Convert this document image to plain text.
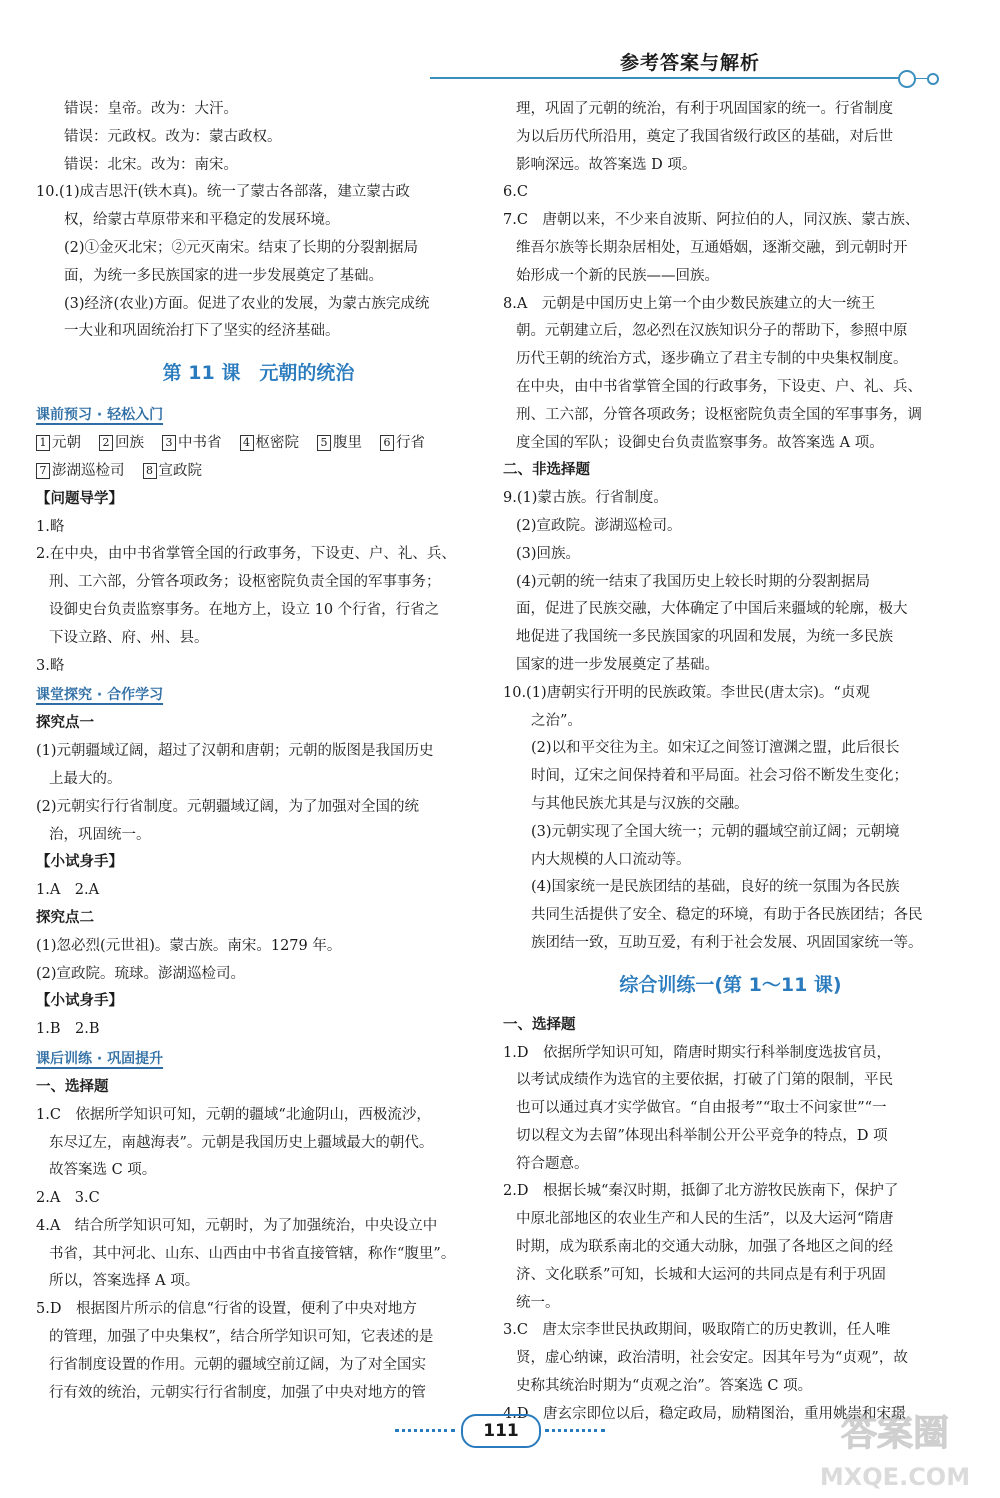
参考答案与解析
错误：皇帝。改为：大汗。
错误：元政权。改为：蒙古政权。
错误：北宋。改为：南宋。
10.(1)成吉思汗(铁木真)。统一了蒙古各部落，建立蒙古政
权，给蒙古草原带来和平稳定的发展环境。
(2)①金灭北宋；②元灭南宋。结束了长期的分裂割据局
面，为统一多民族国家的进一步发展奠定了基础。
(3)经济(农业)方面。促进了农业的发展，为蒙古族完成统
一大业和巩固统治打下了坚实的经济基础。
第 11 课　元朝的统治
课前预习 · 轻松入门
1 元朝 2 回族 3 中书省 4 枢密院 5 腹里 6 行省
7 澎湖巡检司 8 宣政院
【问题导学】
1.略
2.在中央，由中书省掌管全国的行政事务，下设吏、户、礼、兵、
刑、工六部，分管各项政务；设枢密院负责全国的军事事务；
设御史台负责监察事务。在地方上，设立 10 个行省，行省之
下设立路、府、州、县。
3.略
课堂探究 · 合作学习
探究点一
(1)元朝疆域辽阔，超过了汉朝和唐朝；元朝的版图是我国历史
上最大的。
(2)元朝实行行省制度。元朝疆域辽阔，为了加强对全国的统
治，巩固统一。
【小试身手】
1.A　2.A
探究点二
(1)忽必烈(元世祖)。蒙古族。南宋。1279 年。
(2)宣政院。琉球。澎湖巡检司。
【小试身手】
1.B　2.B
课后训练 · 巩固提升
一、选择题
1.C　依据所学知识可知，元朝的疆域“北逾阴山，西极流沙，
东尽辽左，南越海表”。元朝是我国历史上疆域最大的朝代。
故答案选 C 项。
2.A　3.C
4.A　结合所学知识可知，元朝时，为了加强统治，中央设立中
书省，其中河北、山东、山西由中书省直接管辖，称作“腹里”。
所以，答案选择 A 项。
5.D　根据图片所示的信息“行省的设置，便利了中央对地方
的管理，加强了中央集权”，结合所学知识可知，它表述的是
行省制度设置的作用。元朝的疆域空前辽阔，为了对全国实
行有效的统治，元朝实行行省制度，加强了中央对地方的管
理，巩固了元朝的统治，有利于巩固国家的统一。行省制度
为以后历代所沿用，奠定了我国省级行政区的基础，对后世
影响深远。故答案选 D 项。
6.C
7.C　唐朝以来，不少来自波斯、阿拉伯的人，同汉族、蒙古族、
维吾尔族等长期杂居相处，互通婚姻，逐渐交融，到元朝时开
始形成一个新的民族——回族。
8.A　元朝是中国历史上第一个由少数民族建立的大一统王
朝。元朝建立后，忽必烈在汉族知识分子的帮助下，参照中原
历代王朝的统治方式，逐步确立了君主专制的中央集权制度。
在中央，由中书省掌管全国的行政事务，下设吏、户、礼、兵、
刑、工六部，分管各项政务；设枢密院负责全国的军事事务，调
度全国的军队；设御史台负责监察事务。故答案选 A 项。
二、非选择题
9.(1)蒙古族。行省制度。
(2)宣政院。澎湖巡检司。
(3)回族。
(4)元朝的统一结束了我国历史上较长时期的分裂割据局
面，促进了民族交融，大体确定了中国后来疆域的轮廓，极大
地促进了我国统一多民族国家的巩固和发展，为统一多民族
国家的进一步发展奠定了基础。
10.(1)唐朝实行开明的民族政策。李世民(唐太宗)。“贞观
之治”。
(2)以和平交往为主。如宋辽之间签订澶渊之盟，此后很长
时间，辽宋之间保持着和平局面。社会习俗不断发生变化；
与其他民族尤其是与汉族的交融。
(3)元朝实现了全国大统一；元朝的疆域空前辽阔；元朝境
内大规模的人口流动等。
(4)国家统一是民族团结的基础，良好的统一氛围为各民族
共同生活提供了安全、稳定的环境，有助于各民族团结；各民
族团结一致，互助互爱，有利于社会发展、巩固国家统一等。
综合训练一(第 1～11 课)
一、选择题
1.D　依据所学知识可知，隋唐时期实行科举制度选拔官员，
以考试成绩作为选官的主要依据，打破了门第的限制，平民
也可以通过真才实学做官。“自由报考”“取士不问家世”“一
切以程文为去留”体现出科举制公开公平竞争的特点，D 项
符合题意。
2.D　根据长城“秦汉时期，抵御了北方游牧民族南下，保护了
中原北部地区的农业生产和人民的生活”，以及大运河“隋唐
时期，成为联系南北的交通大动脉，加强了各地区之间的经
济、文化联系”可知，长城和大运河的共同点是有利于巩固
统一。
3.C　唐太宗李世民执政期间，吸取隋亡的历史教训，任人唯
贤，虚心纳谏，政治清明，社会安定。因其年号为“贞观”，故
史称其统治时期为“贞观之治”。答案选 C 项。
4.D　唐玄宗即位以后，稳定政局，励精图治，重用姚崇和宋璟
111	答案圈
MXQE.COM
